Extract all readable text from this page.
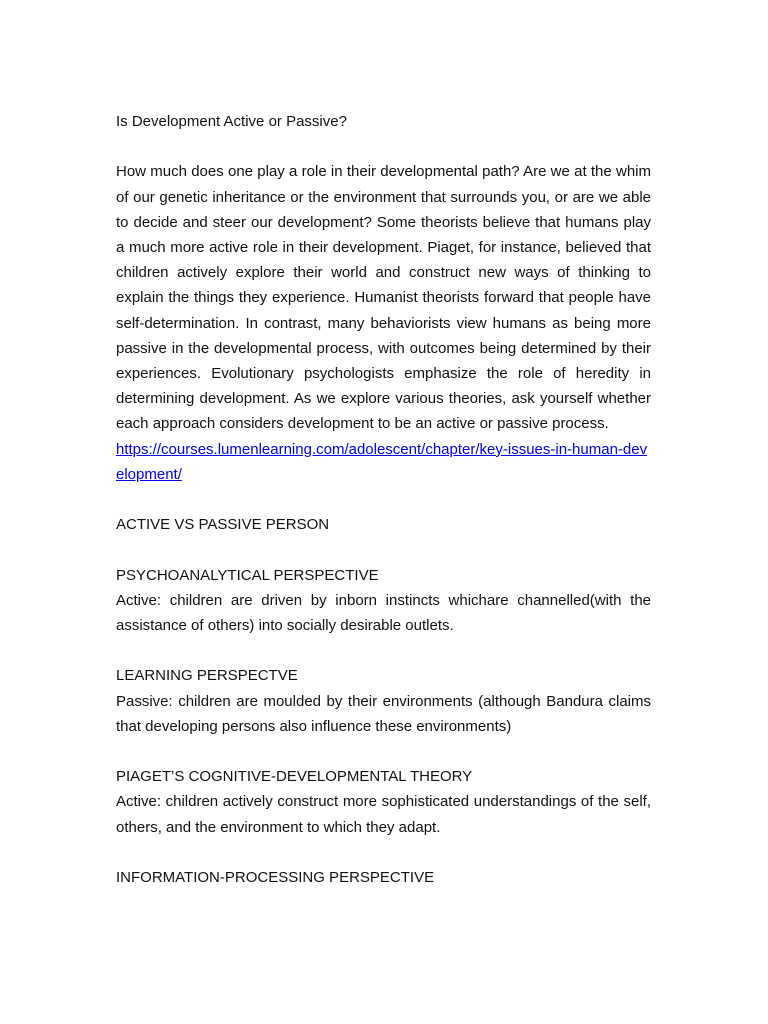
Is Development Active or Passive?
How much does one play a role in their developmental path? Are we at the whim of our genetic inheritance or the environment that surrounds you, or are we able to decide and steer our development? Some theorists believe that humans play a much more active role in their development. Piaget, for instance, believed that children actively explore their world and construct new ways of thinking to explain the things they experience. Humanist theorists forward that people have self-determination. In contrast, many behaviorists view humans as being more passive in the developmental process, with outcomes being determined by their experiences. Evolutionary psychologists emphasize the role of heredity in determining development. As we explore various theories, ask yourself whether each approach considers development to be an active or passive process.
https://courses.lumenlearning.com/adolescent/chapter/key-issues-in-human-development/
ACTIVE VS PASSIVE PERSON
PSYCHOANALYTICAL PERSPECTIVE
Active: children are driven by inborn instincts whichare channelled(with the assistance of others) into socially desirable outlets.
LEARNING PERSPECTVE
Passive: children are moulded by their environments (although Bandura claims that developing persons also influence these environments)
PIAGET’S COGNITIVE-DEVELOPMENTAL THEORY
Active: children actively construct more sophisticated understandings of the self, others, and the environment to which they adapt.
INFORMATION-PROCESSING PERSPECTIVE
